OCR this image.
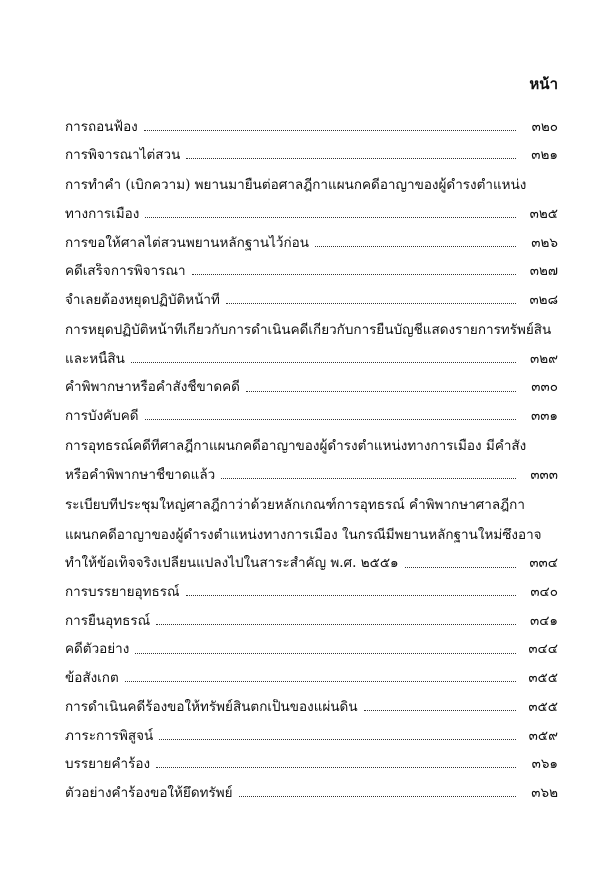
หน้า
การถอนฟ้อง	๓๒๐
การพิจารณาไต่สวน	๓๒๑
การทำคำ (เบิกความ) พยานมายื่นต่อศาลฎีกาแผนกคดีอาญาของผู้ดำรงตำแหน่ง
ทางการเมือง	๓๒๕
การขอให้ศาลไต่สวนพยานหลักฐานไว้ก่อน	๓๒๖
คดีเสร็จการพิจารณา	๓๒๗
จำเลยต้องหยุดปฏิบัติหน้าที่	๓๒๘
การหยุดปฏิบัติหน้าที่เกี่ยวกับการดำเนินคดีเกี่ยวกับการยื่นบัญชีแสดงรายการทรัพย์สิน
และหนี้สิน	๓๒๙
คำพิพากษาหรือคำสั่งชี้ขาดคดี	๓๓๐
การบังคับคดี	๓๓๑
การอุทธรณ์คดีที่ศาลฎีกาแผนกคดีอาญาของผู้ดำรงตำแหน่งทางการเมือง มีคำสั่ง
หรือคำพิพากษาชี้ขาดแล้ว	๓๓๓
ระเบียบที่ประชุมใหญ่ศาลฎีกาว่าด้วยหลักเกณฑ์การอุทธรณ์ คำพิพากษาศาลฎีกา
แผนกคดีอาญาของผู้ดำรงตำแหน่งทางการเมือง ในกรณีมีพยานหลักฐานใหม่ซึ่งอาจ
ทำให้ข้อเท็จจริงเปลี่ยนแปลงไปในสาระสำคัญ พ.ศ. ๒๕๕๑	๓๓๔
การบรรยายอุทธรณ์	๓๔๐
การยื่นอุทธรณ์	๓๔๑
คดีตัวอย่าง	๓๔๔
ข้อสังเกต	๓๕๕
การดำเนินคดีร้องขอให้ทรัพย์สินตกเป็นของแผ่นดิน	๓๕๕
ภาระการพิสูจน์	๓๕๙
บรรยายคำร้อง	๓๖๑
ตัวอย่างคำร้องขอให้ยึดทรัพย์	๓๖๒
